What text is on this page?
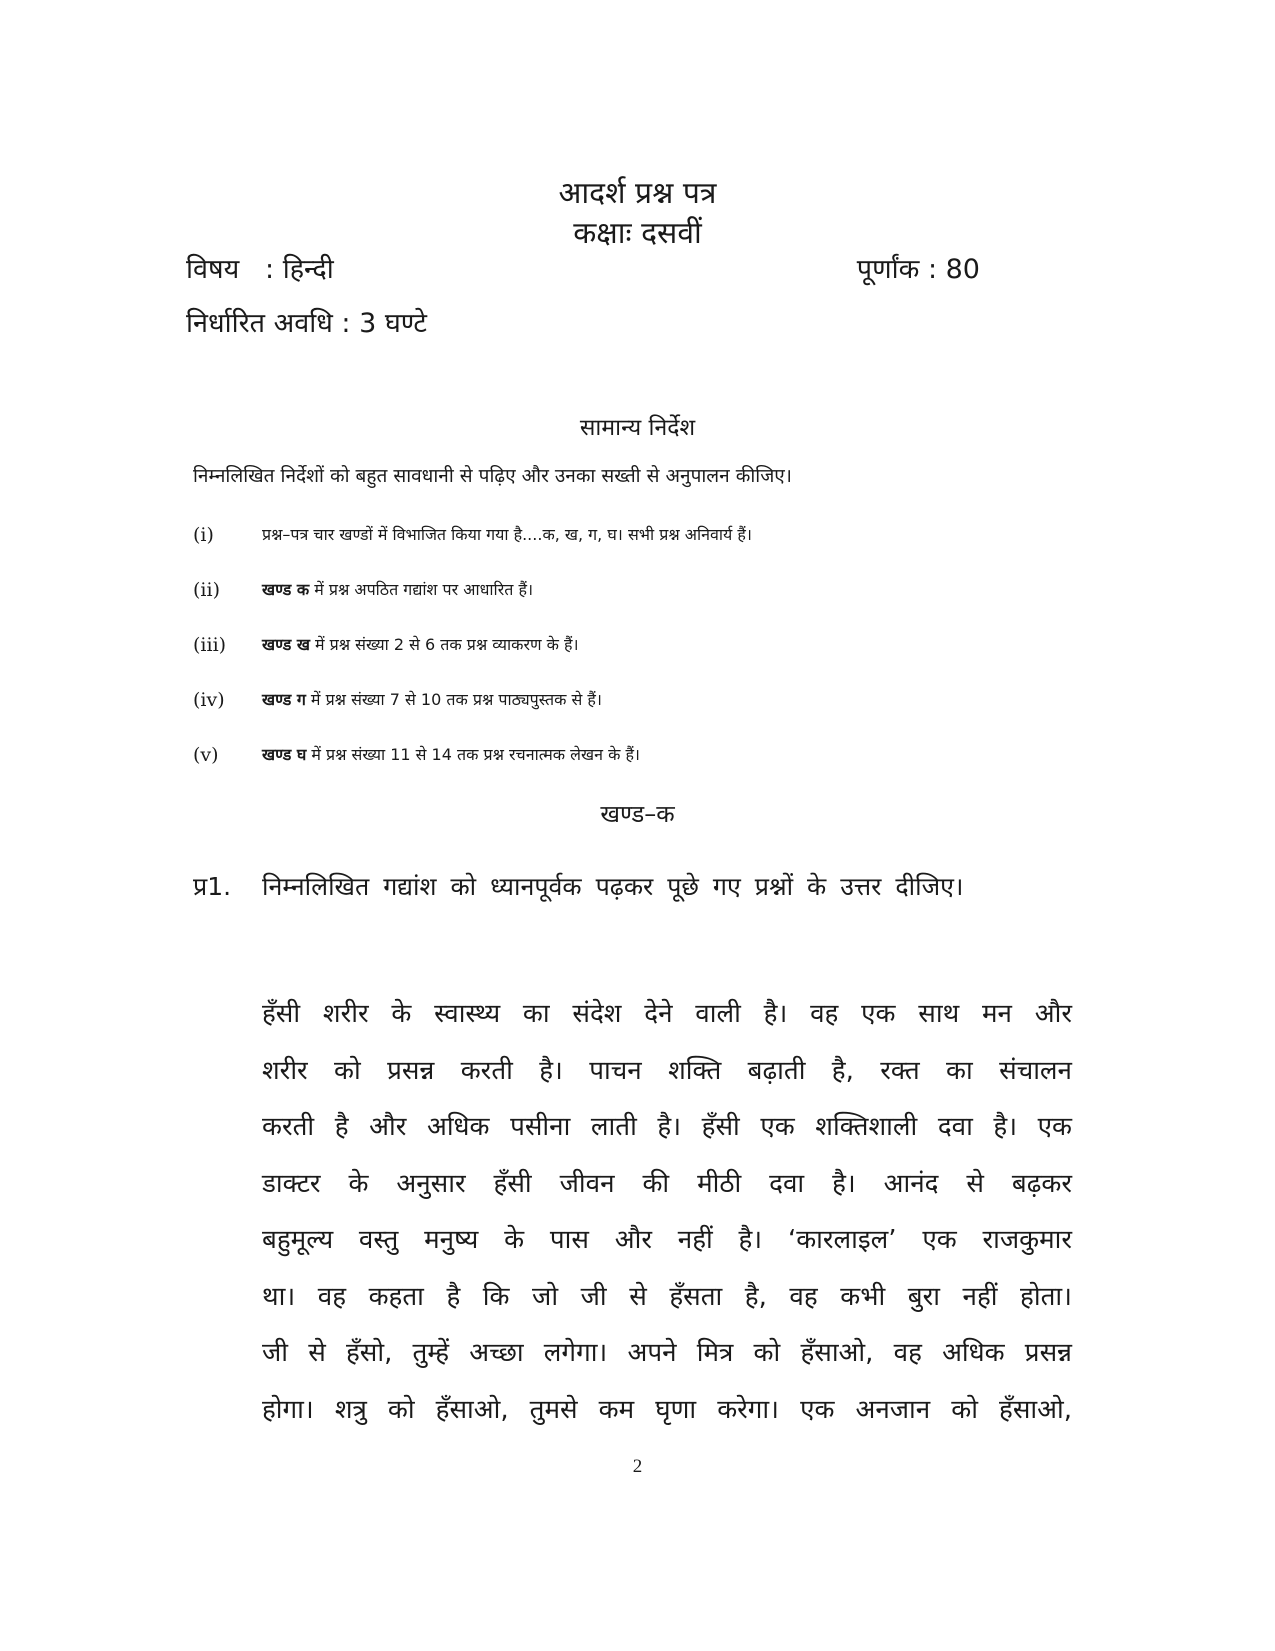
आदर्श प्रश्न पत्र
कक्षाः दसवीं
विषय   : हिन्दी	पूर्णांक : 80
निर्धारित अवधि : 3 घण्टे
सामान्य निर्देश
निम्नलिखित निर्देशों को बहुत सावधानी से पढ़िए और उनका सख्ती से अनुपालन कीजिए।
(i)	प्रश्न–पत्र चार खण्डों में विभाजित किया गया है....क, ख, ग, घ। सभी प्रश्न अनिवार्य हैं।
(ii)	खण्ड क में प्रश्न अपठित गद्यांश पर आधारित हैं।
(iii) खण्ड ख में प्रश्न संख्या 2 से 6 तक प्रश्न व्याकरण के हैं।
(iv) खण्ड ग में प्रश्न संख्या 7 से 10 तक प्रश्न पाठ्यपुस्तक से हैं।
(v)	खण्ड घ में प्रश्न संख्या 11 से 14 तक प्रश्न रचनात्मक लेखन के हैं।
खण्ड–क
प्र1. निम्नलिखित गद्यांश को ध्यानपूर्वक पढ़कर पूछे गए प्रश्नों के उत्तर दीजिए।
हँसी शरीर के स्वास्थ्य का संदेश देने वाली है। वह एक साथ मन और
शरीर को प्रसन्न करती है। पाचन शक्ति बढ़ाती है, रक्त का संचालन
करती है और अधिक पसीना लाती है। हँसी एक शक्तिशाली दवा है। एक
डाक्टर के अनुसार हँसी जीवन की मीठी दवा है। आनंद से बढ़कर
बहुमूल्य वस्तु मनुष्य के पास और नहीं है। ‘कारलाइल’ एक राजकुमार
था। वह कहता है कि जो जी से हँसता है, वह कभी बुरा नहीं होता।
जी से हँसो, तुम्हें अच्छा लगेगा। अपने मित्र को हँसाओ, वह अधिक प्रसन्न
होगा। शत्रु को हँसाओ, तुमसे कम घृणा करेगा। एक अनजान को हँसाओ,
2
